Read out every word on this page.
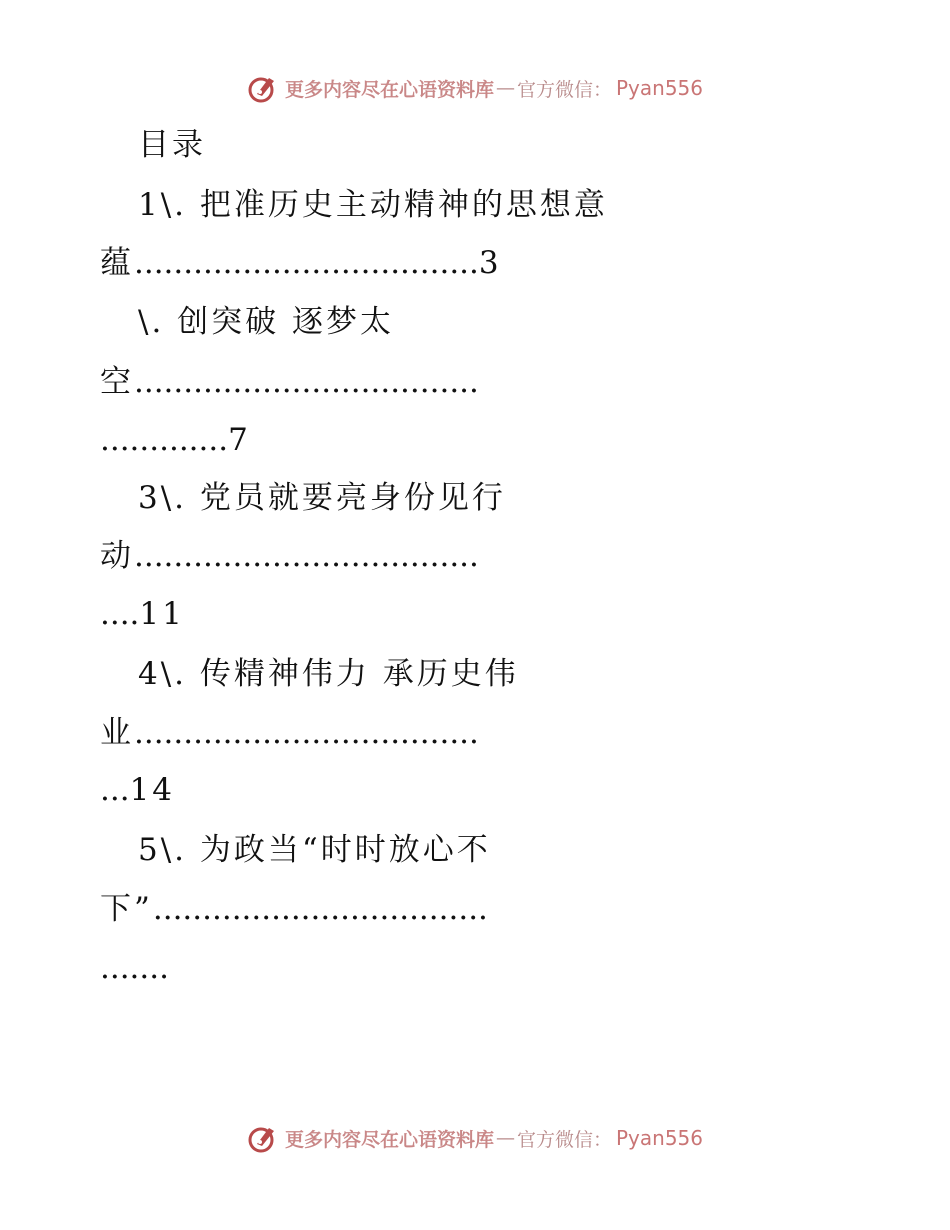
更多内容尽在心语资料库 — 官方微信： Pyan556
目录
1\. 把准历史主动精神的思想意
蕴...................................3
\. 创突破 逐梦太
空...................................
.............7
3\. 党员就要亮身份见行
动...................................
....11
4\. 传精神伟力 承历史伟
业...................................
...14
5\. 为政当“时时放心不
下”..................................
.......
更多内容尽在心语资料库 — 官方微信： Pyan556
